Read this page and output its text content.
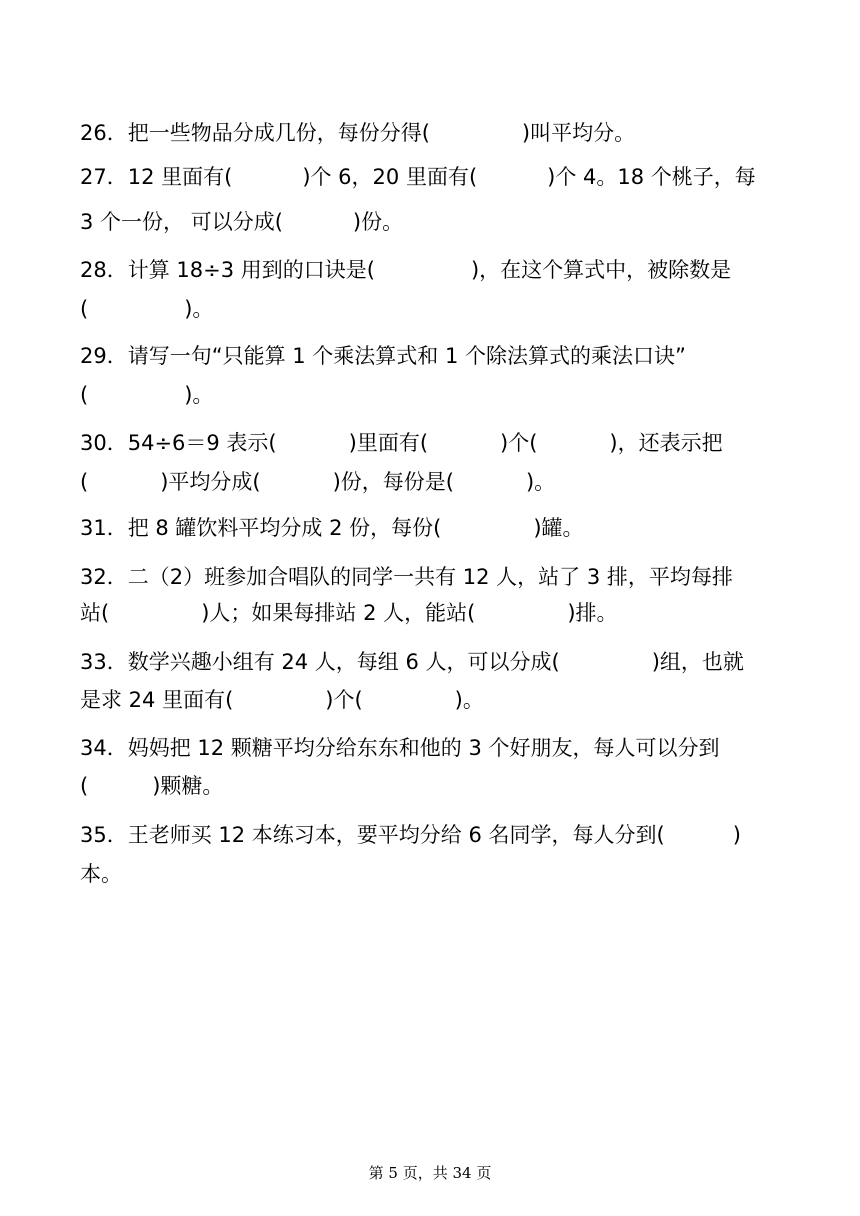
26．把一些物品分成几份，每份分得(	)叫平均分。
27．12 里面有(	)个 6，20 里面有(	)个 4。18 个桃子，每
3 个一份， 可以分成(	)份。
28．计算 18÷3 用到的口诀是(	)，在这个算式中，被除数是
(	)。
29．请写一句“只能算 1 个乘法算式和 1 个除法算式的乘法口诀”
(	)。
30．54÷6＝9 表示(	)里面有(	)个(	)，还表示把
(	)平均分成(	)份，每份是(	)。
31．把 8 罐饮料平均分成 2 份，每份(	)罐。
32．二（2）班参加合唱队的同学一共有 12 人，站了 3 排，平均每排
站(	)人；如果每排站 2 人，能站(	)排。
33．数学兴趣小组有 24 人，每组 6 人，可以分成(	)组，也就
是求 24 里面有(	)个(	)。
34．妈妈把 12 颗糖平均分给东东和他的 3 个好朋友，每人可以分到
(	)颗糖。
35．王老师买 12 本练习本，要平均分给 6 名同学，每人分到(	)
本。
第 5 页，共 34 页
